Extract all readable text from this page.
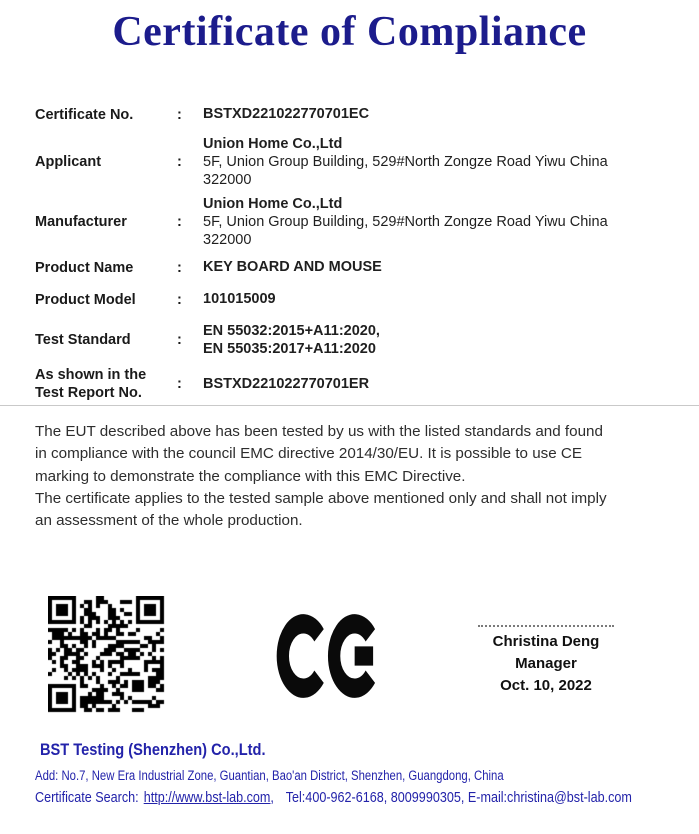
Certificate of Compliance
Certificate No.	:	BSTXD221022770701EC
Applicant	:
Union Home Co.,Ltd
5F, Union Group Building, 529#North Zongze Road Yiwu China
322000
Manufacturer	:
Union Home Co.,Ltd
5F, Union Group Building, 529#North Zongze Road Yiwu China
322000
Product Name	:	KEY BOARD AND MOUSE
Product Model	:	101015009
Test Standard	:
EN 55032:2015+A11:2020,
EN 55035:2017+A11:2020
As shown in the Test Report No.
:	BSTXD221022770701ER
The EUT described above has been tested by us with the listed standards and found
in compliance with the council EMC directive 2014/30/EU. It is possible to use CE
marking to demonstrate the compliance with this EMC Directive.
The certificate applies to the tested sample above mentioned only and shall not imply
an assessment of the whole production.
Christina Deng
Manager
Oct. 10, 2022
BST Testing (Shenzhen) Co.,Ltd.
Add: No.7, New Era Industrial Zone, Guantian, Bao'an District, Shenzhen, Guangdong, China
Certificate Search: http://www.bst-lab.com, Tel:400-962-6168, 8009990305, E-mail:christina@bst-lab.com
